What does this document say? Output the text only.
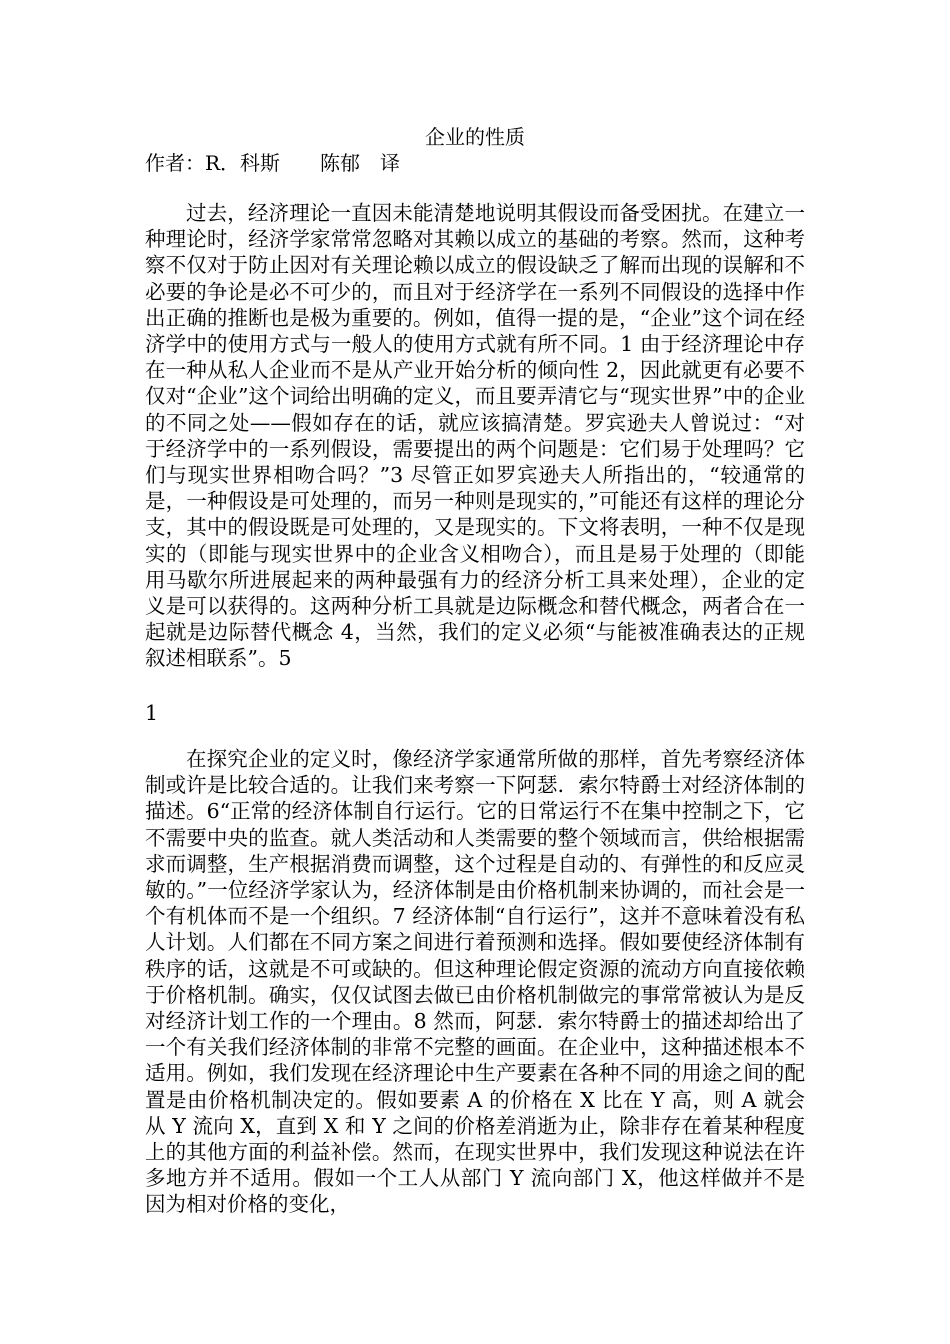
企业的性质
作者：R．科斯　　陈郁　译

过去，经济理论一直因未能清楚地说明其假设而备受困扰。在建立一种理论时，经济学家常常忽略对其赖以成立的基础的考察。然而，这种考察不仅对于防止因对有关理论赖以成立的假设缺乏了解而出现的误解和不必要的争论是必不可少的，而且对于经济学在一系列不同假设的选择中作出正确的推断也是极为重要的。例如，值得一提的是，“企业”这个词在经济学中的使用方式与一般人的使用方式就有所不同。1 由于经济理论中存在一种从私人企业而不是从产业开始分析的倾向性 2，因此就更有必要不仅对“企业”这个词给出明确的定义，而且要弄清它与“现实世界”中的企业的不同之处——假如存在的话，就应该搞清楚。罗宾逊夫人曾说过：“对于经济学中的一系列假设，需要提出的两个问题是：它们易于处理吗？它们与现实世界相吻合吗？”3 尽管正如罗宾逊夫人所指出的，“较通常的是，一种假设是可处理的，而另一种则是现实的，”可能还有这样的理论分支，其中的假设既是可处理的，又是现实的。下文将表明，一种不仅是现实的（即能与现实世界中的企业含义相吻合），而且是易于处理的（即能用马歇尔所进展起来的两种最强有力的经济分析工具来处理），企业的定义是可以获得的。这两种分析工具就是边际概念和替代概念，两者合在一起就是边际替代概念 4，当然，我们的定义必须“与能被准确表达的正规叙述相联系”。5

1

在探究企业的定义时，像经济学家通常所做的那样，首先考察经济体制或许是比较合适的。让我们来考察一下阿瑟．索尔特爵士对经济体制的描述。6“正常的经济体制自行运行。它的日常运行不在集中控制之下，它不需要中央的监查。就人类活动和人类需要的整个领域而言，供给根据需求而调整，生产根据消费而调整，这个过程是自动的、有弹性的和反应灵敏的。”一位经济学家认为，经济体制是由价格机制来协调的，而社会是一个有机体而不是一个组织。7 经济体制“自行运行”，这并不意味着没有私人计划。人们都在不同方案之间进行着预测和选择。假如要使经济体制有秩序的话，这就是不可或缺的。但这种理论假定资源的流动方向直接依赖于价格机制。确实，仅仅试图去做已由价格机制做完的事常常被认为是反对经济计划工作的一个理由。8 然而，阿瑟．索尔特爵士的描述却给出了一个有关我们经济体制的非常不完整的画面。在企业中，这种描述根本不适用。例如，我们发现在经济理论中生产要素在各种不同的用途之间的配置是由价格机制决定的。假如要素 A 的价格在 X 比在 Y 高，则 A 就会从 Y 流向 X，直到 X 和 Y 之间的价格差消逝为止，除非存在着某种程度上的其他方面的利益补偿。然而，在现实世界中，我们发现这种说法在许多地方并不适用。假如一个工人从部门 Y 流向部门 X，他这样做并不是因为相对价格的变化，
